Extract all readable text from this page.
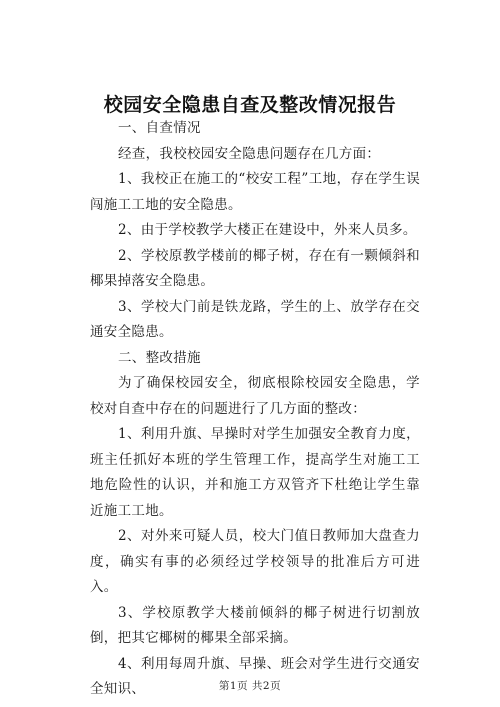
校园安全隐患自查及整改情况报告

一、自查情况

经查，我校校园安全隐患问题存在几方面：

1、我校正在施工的“校安工程”工地，存在学生误闯施工工地的安全隐患。

2、由于学校教学大楼正在建设中，外来人员多。

2、学校原教学楼前的椰子树，存在有一颗倾斜和椰果掉落安全隐患。

3、学校大门前是铁龙路，学生的上、放学存在交通安全隐患。

二、整改措施

为了确保校园安全，彻底根除校园安全隐患，学校对自查中存在的问题进行了几方面的整改：

1、利用升旗、早操时对学生加强安全教育力度，班主任抓好本班的学生管理工作，提高学生对施工工地危险性的认识，并和施工方双管齐下杜绝让学生靠近施工工地。

2、对外来可疑人员，校大门值日教师加大盘查力度，确实有事的必须经过学校领导的批准后方可进入。

3、学校原教学大楼前倾斜的椰子树进行切割放倒，把其它椰树的椰果全部采摘。

4、利用每周升旗、早操、班会对学生进行交通安全知识、	第1页 共2页
